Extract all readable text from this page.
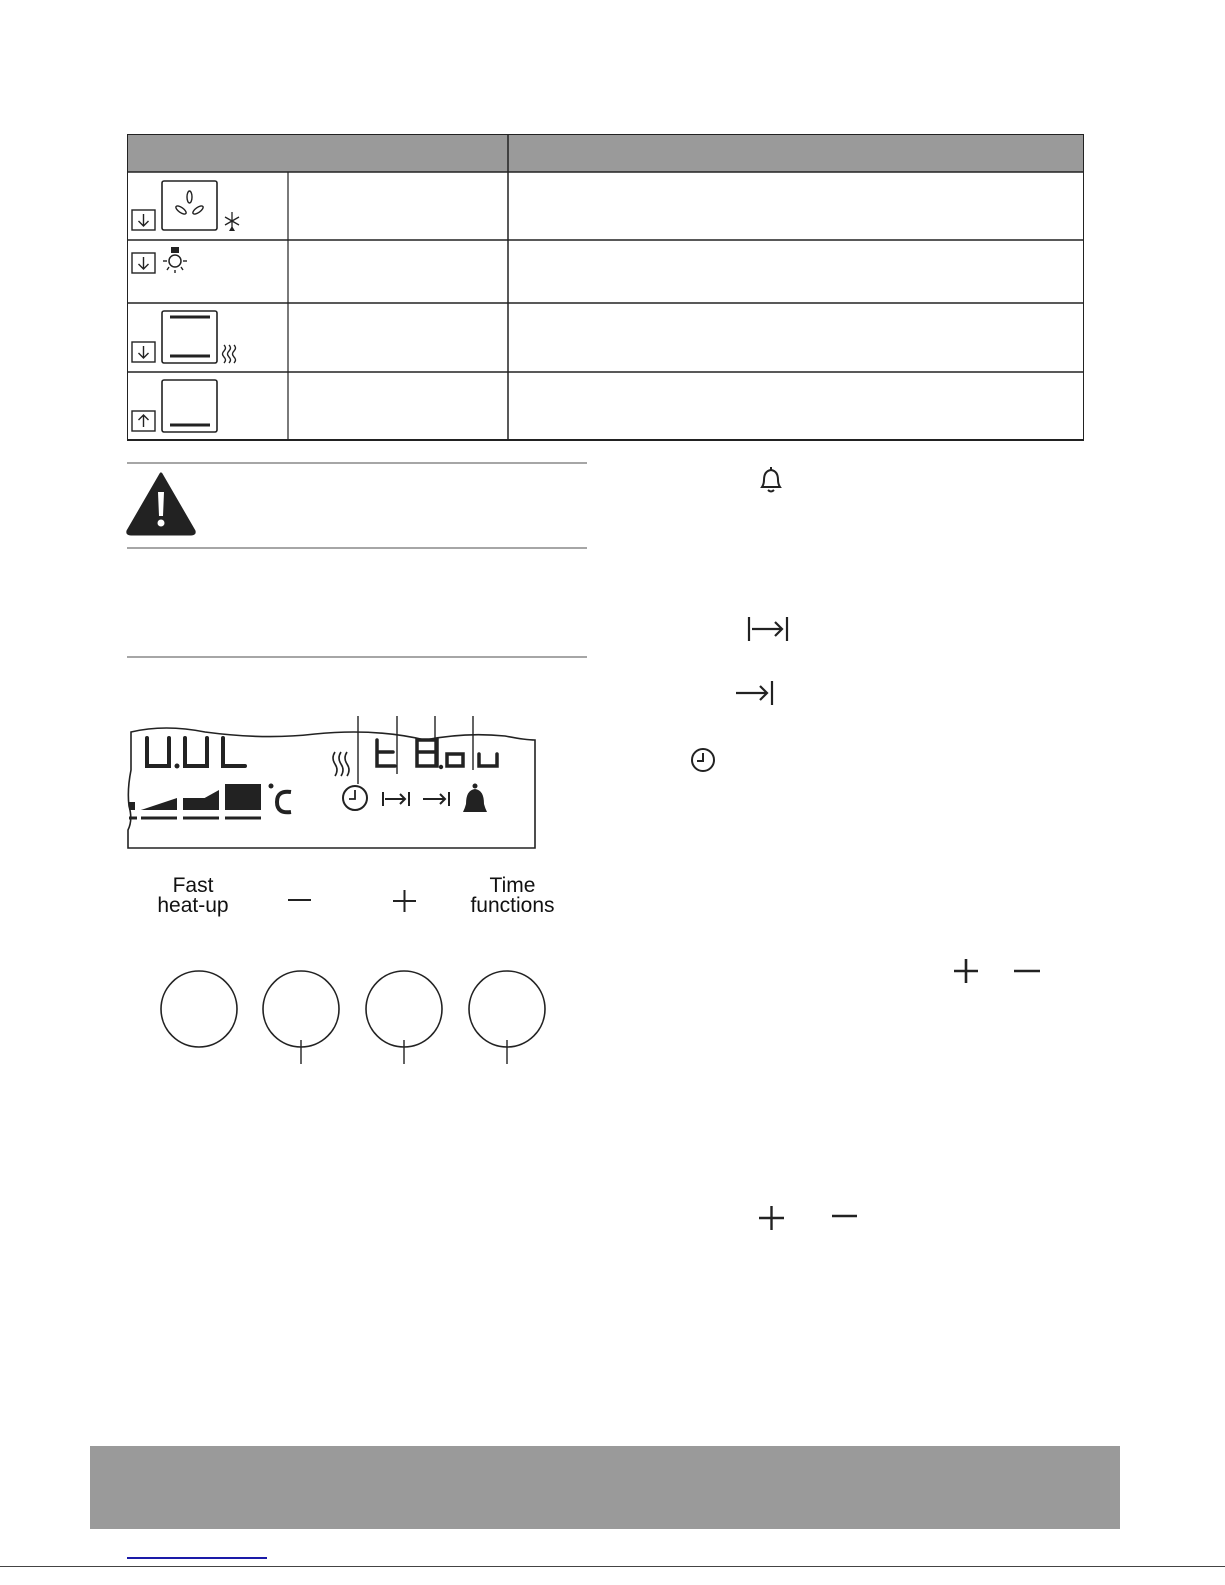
Fast
heat-up
Time
functions
